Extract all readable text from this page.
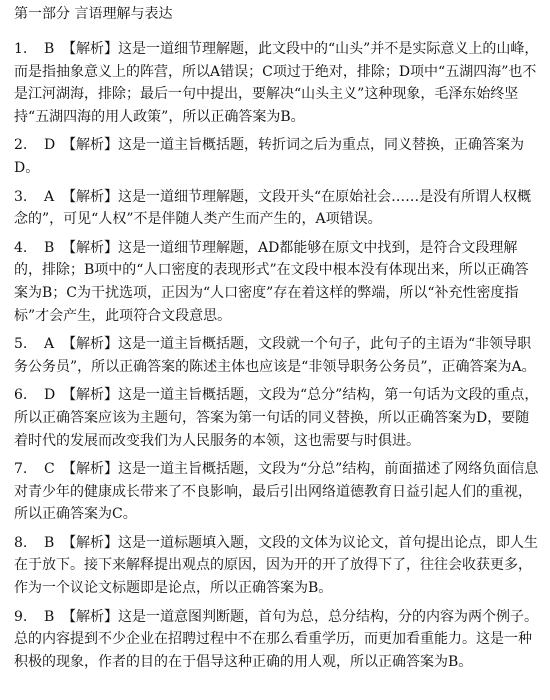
第一部分 言语理解与表达
1. B 【解析】这是一道细节理解题，此文段中的“山头”并不是实际意义上的山峰，而是指抽象意义上的阵营，所以A错误；C项过于绝对，排除；D项中“五湖四海”也不是江河湖海，排除；最后一句中提出，要解决“山头主义”这种现象，毛泽东始终坚持“五湖四海的用人政策”，所以正确答案为B。
2. D 【解析】这是一道主旨概括题，转折词之后为重点，同义替换，正确答案为D。
3. A 【解析】这是一道细节理解题，文段开头“在原始社会……是没有所谓人权概念的”，可见“人权”不是伴随人类产生而产生的，A项错误。
4. B 【解析】这是一道细节理解题，AD都能够在原文中找到，是符合文段理解的，排除；B项中的“人口密度的表现形式”在文段中根本没有体现出来，所以正确答案为B；C为干扰选项，正因为“人口密度”存在着这样的弊端，所以“补充性密度指标”才会产生，此项符合文段意思。
5. A 【解析】这是一道主旨概括题，文段就一个句子，此句子的主语为“非领导职务公务员”，所以正确答案的陈述主体也应该是“非领导职务公务员”，正确答案为A。
6. D 【解析】这是一道主旨概括题，文段为“总分”结构，第一句话为文段的重点，所以正确答案应该为主题句，答案为第一句话的同义替换，所以正确答案为D，要随着时代的发展而改变我们为人民服务的本领，这也需要与时俱进。
7. C 【解析】这是一道主旨概括题，文段为“分总”结构，前面描述了网络负面信息对青少年的健康成长带来了不良影响，最后引出网络道德教育日益引起人们的重视，所以正确答案为C。
8. B 【解析】这是一道标题填入题，文段的文体为议论文，首句提出论点，即人生在于放下。接下来解释提出观点的原因，因为开的开了放得下了，往往会收获更多，作为一个议论文标题即是论点，所以正确答案为B。
9. B 【解析】这是一道意图判断题，首句为总，总分结构，分的内容为两个例子。总的内容提到不少企业在招聘过程中不在那么看重学历，而更加看重能力。这是一种积极的现象，作者的目的在于倡导这种正确的用人观，所以正确答案为B。
